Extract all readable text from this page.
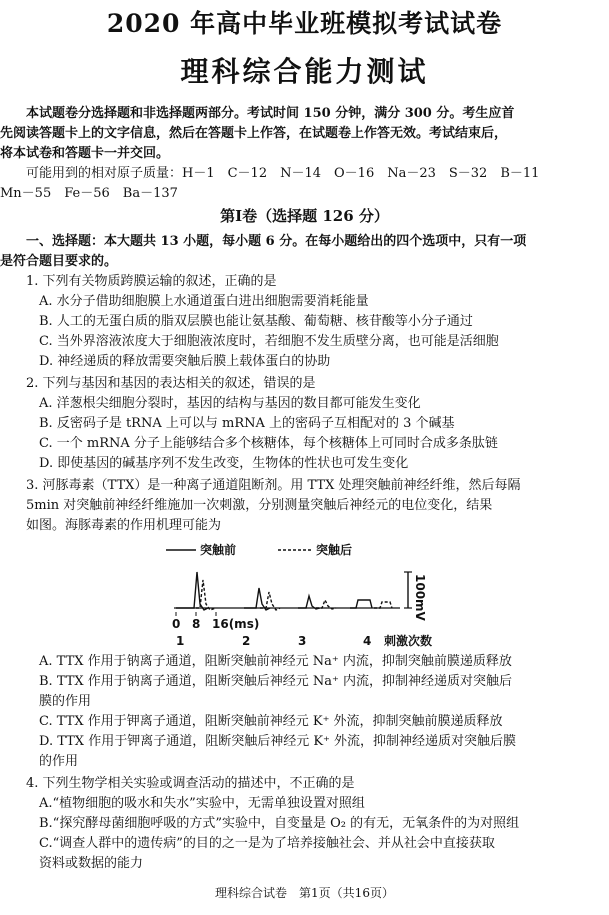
2020 年高中毕业班模拟考试试卷
理科综合能力测试
　　本试题卷分选择题和非选择题两部分。考试时间 150 分钟，满分 300 分。考生应首
先阅读答题卡上的文字信息，然后在答题卡上作答，在试题卷上作答无效。考试结束后，
将本试卷和答题卡一并交回。
　　可能用到的相对原子质量：H－1　C－12　N－14　O－16　Na－23　S－32　B－11
Mn－55　Fe－56　Ba－137
第Ⅰ卷（选择题 126 分）
　　一、选择题：本大题共 13 小题，每小题 6 分。在每小题给出的四个选项中，只有一项
是符合题目要求的。
　　1. 下列有关物质跨膜运输的叙述，正确的是
　　　A. 水分子借助细胞膜上水通道蛋白进出细胞需要消耗能量
　　　B. 人工的无蛋白质的脂双层膜也能让氨基酸、葡萄糖、核苷酸等小分子通过
　　　C. 当外界溶液浓度大于细胞液浓度时，若细胞不发生质壁分离，也可能是活细胞
　　　D. 神经递质的释放需要突触后膜上载体蛋白的协助
　　2. 下列与基因和基因的表达相关的叙述，错误的是
　　　A. 洋葱根尖细胞分裂时，基因的结构与基因的数目都可能发生变化
　　　B. 反密码子是 tRNA 上可以与 mRNA 上的密码子互相配对的 3 个碱基
　　　C. 一个 mRNA 分子上能够结合多个核糖体，每个核糖体上可同时合成多条肽链
　　　D. 即使基因的碱基序列不发生改变，生物体的性状也可发生变化
　　3. 河豚毒素（TTX）是一种离子通道阻断剂。用 TTX 处理突触前神经纤维，然后每隔
　　5min 对突触前神经纤维施加一次刺激，分别测量突触后神经元的电位变化，结果
　　如图。海豚毒素的作用机理可能为
突触前	突触后
100mV
0 8 16(ms)
1	2	3	4 刺激次数
　　　A. TTX 作用于钠离子通道，阻断突触前神经元 Na⁺ 内流，抑制突触前膜递质释放
　　　B. TTX 作用于钠离子通道，阻断突触后神经元 Na⁺ 内流，抑制神经递质对突触后
　　　膜的作用
　　　C. TTX 作用于钾离子通道，阻断突触前神经元 K⁺ 外流，抑制突触前膜递质释放
　　　D. TTX 作用于钾离子通道，阻断突触后神经元 K⁺ 外流，抑制神经递质对突触后膜
　　　的作用
　　4. 下列生物学相关实验或调查活动的描述中，不正确的是
　　　A.“植物细胞的吸水和失水”实验中，无需单独设置对照组
　　　B.“探究酵母菌细胞呼吸的方式”实验中，自变量是 O₂ 的有无，无氧条件的为对照组
　　　C.“调查人群中的遗传病”的目的之一是为了培养接触社会、并从社会中直接获取
　　　资料或数据的能力
理科综合试卷　第1页（共16页）
